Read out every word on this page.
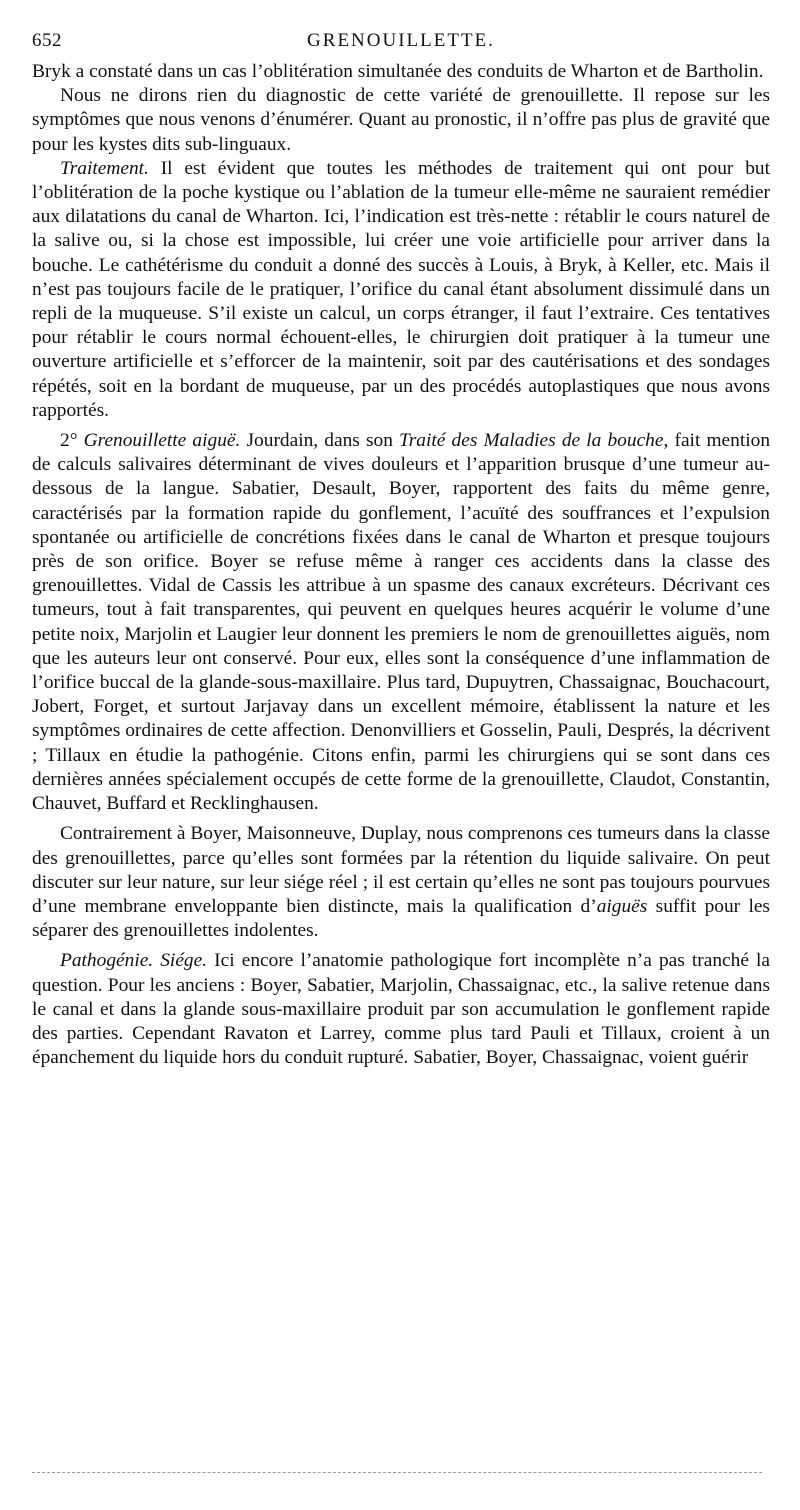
652	GRENOUILLETTE.

Bryk a constaté dans un cas l’oblitération simultanée des conduits de Wharton et de Bartholin.

Nous ne dirons rien du diagnostic de cette variété de grenouillette. Il repose sur les symptômes que nous venons d’énumérer. Quant au pronostic, il n’offre pas plus de gravité que pour les kystes dits sub-linguaux.

Traitement. Il est évident que toutes les méthodes de traitement qui ont pour but l’oblitération de la poche kystique ou l’ablation de la tumeur elle-même ne sauraient remédier aux dilatations du canal de Wharton. Ici, l’indication est très-nette : rétablir le cours naturel de la salive ou, si la chose est impossible, lui créer une voie artificielle pour arriver dans la bouche. Le cathétérisme du conduit a donné des succès à Louis, à Bryk, à Keller, etc. Mais il n’est pas toujours facile de le pratiquer, l’orifice du canal étant absolument dissimulé dans un repli de la muqueuse. S’il existe un calcul, un corps étranger, il faut l’extraire. Ces tentatives pour rétablir le cours normal échouent-elles, le chirurgien doit pratiquer à la tumeur une ouverture artificielle et s’efforcer de la maintenir, soit par des cautérisations et des sondages répétés, soit en la bordant de muqueuse, par un des procédés autoplastiques que nous avons rapportés.

2° Grenouillette aiguë. Jourdain, dans son Traité des Maladies de la bouche, fait mention de calculs salivaires déterminant de vives douleurs et l’apparition brusque d’une tumeur au-dessous de la langue. Sabatier, Desault, Boyer, rapportent des faits du même genre, caractérisés par la formation rapide du gonflement, l’acuïté des souffrances et l’expulsion spontanée ou artificielle de concrétions fixées dans le canal de Wharton et presque toujours près de son orifice. Boyer se refuse même à ranger ces accidents dans la classe des grenouillettes. Vidal de Cassis les attribue à un spasme des canaux excréteurs. Décrivant ces tumeurs, tout à fait transparentes, qui peuvent en quelques heures acquérir le volume d’une petite noix, Marjolin et Laugier leur donnent les premiers le nom de grenouillettes aiguës, nom que les auteurs leur ont conservé. Pour eux, elles sont la conséquence d’une inflammation de l’orifice buccal de la glande-sous-maxillaire. Plus tard, Dupuytren, Chassaignac, Bouchacourt, Jobert, Forget, et surtout Jarjavay dans un excellent mémoire, établissent la nature et les symptômes ordinaires de cette affection. Denonvilliers et Gosselin, Pauli, Després, la décrivent ; Tillaux en étudie la pathogénie. Citons enfin, parmi les chirurgiens qui se sont dans ces dernières années spécialement occupés de cette forme de la grenouillette, Claudot, Constantin, Chauvet, Buffard et Recklinghausen.

Contrairement à Boyer, Maisonneuve, Duplay, nous comprenons ces tumeurs dans la classe des grenouillettes, parce qu’elles sont formées par la rétention du liquide salivaire. On peut discuter sur leur nature, sur leur siége réel ; il est certain qu’elles ne sont pas toujours pourvues d’une membrane enveloppante bien distincte, mais la qualification d’aiguës suffit pour les séparer des grenouillettes indolentes.

Pathogénie. Siége. Ici encore l’anatomie pathologique fort incomplète n’a pas tranché la question. Pour les anciens : Boyer, Sabatier, Marjolin, Chassaignac, etc., la salive retenue dans le canal et dans la glande sous-maxillaire produit par son accumulation le gonflement rapide des parties. Cependant Ravaton et Larrey, comme plus tard Pauli et Tillaux, croient à un épanchement du liquide hors du conduit rupturé. Sabatier, Boyer, Chassaignac, voient guérir
